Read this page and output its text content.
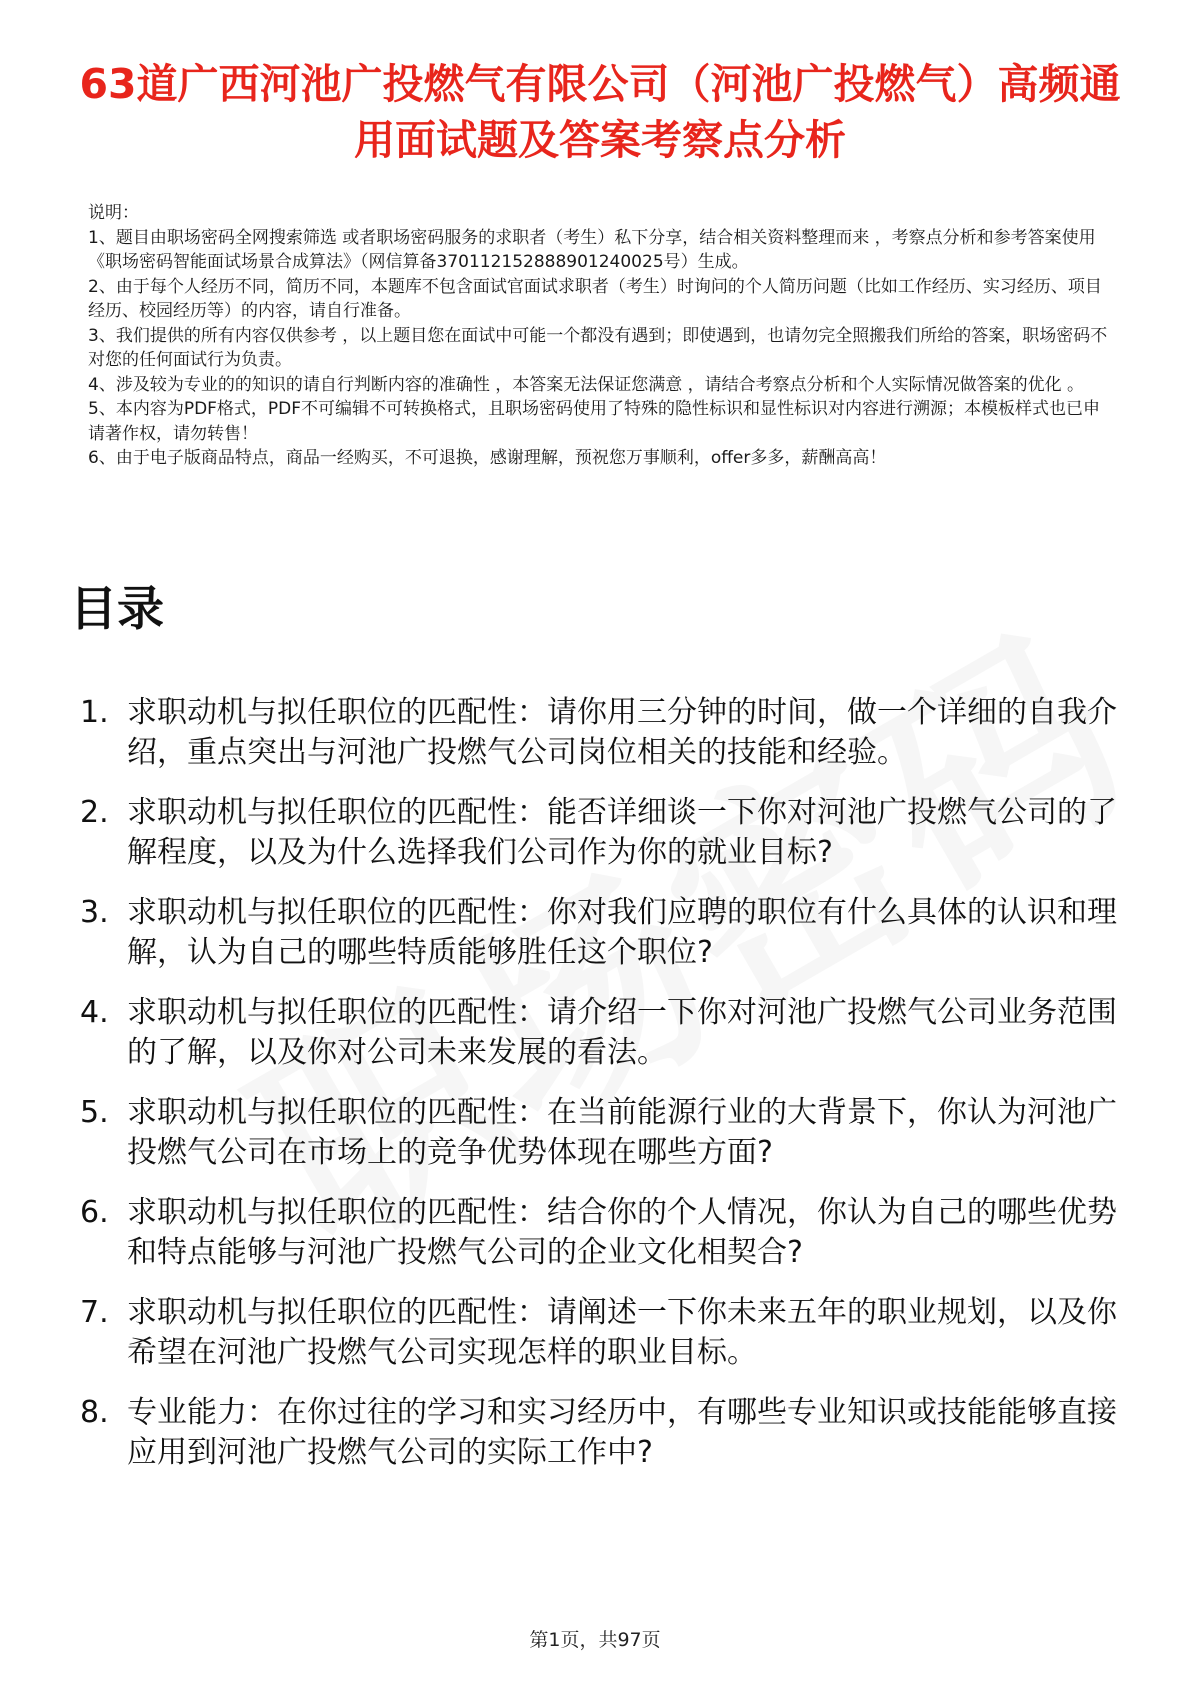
63道广西河池广投燃气有限公司（河池广投燃气）高频通用面试题及答案考察点分析

说明：

1、题目由职场密码全网搜索筛选 或者职场密码服务的求职者（考生）私下分享，结合相关资料整理而来 ，考察点分析和参考答案使用《职场密码智能面试场景合成算法》（网信算备370112152888901240025号）生成。

2、由于每个人经历不同，简历不同，本题库不包含面试官面试求职者（考生）时询问的个人简历问题（比如工作经历、实习经历、项目经历、校园经历等）的内容，请自行准备。

3、我们提供的所有内容仅供参考 ，以上题目您在面试中可能一个都没有遇到；即使遇到，也请勿完全照搬我们所给的答案，职场密码不对您的任何面试行为负责。

4、涉及较为专业的的知识的请自行判断内容的准确性 ，本答案无法保证您满意 ，请结合考察点分析和个人实际情况做答案的优化 。

5、本内容为PDF格式，PDF不可编辑不可转换格式，且职场密码使用了特殊的隐性标识和显性标识对内容进行溯源；本模板样式也已申请著作权，请勿转售！

6、由于电子版商品特点，商品一经购买，不可退换，感谢理解，预祝您万事顺利，offer多多，薪酬高高！

目录
1. 求职动机与拟任职位的匹配性：请你用三分钟的时间，做一个详细的自我介绍，重点突出与河池广投燃气公司岗位相关的技能和经验。
2. 求职动机与拟任职位的匹配性：能否详细谈一下你对河池广投燃气公司的了解程度，以及为什么选择我们公司作为你的就业目标?
3. 求职动机与拟任职位的匹配性：你对我们应聘的职位有什么具体的认识和理解，认为自己的哪些特质能够胜任这个职位?
4. 求职动机与拟任职位的匹配性：请介绍一下你对河池广投燃气公司业务范围的了解，以及你对公司未来发展的看法。
5. 求职动机与拟任职位的匹配性：在当前能源行业的大背景下，你认为河池广投燃气公司在市场上的竞争优势体现在哪些方面?
6. 求职动机与拟任职位的匹配性：结合你的个人情况，你认为自己的哪些优势和特点能够与河池广投燃气公司的企业文化相契合?
7. 求职动机与拟任职位的匹配性：请阐述一下你未来五年的职业规划，以及你希望在河池广投燃气公司实现怎样的职业目标。
8. 专业能力：在你过往的学习和实习经历中，有哪些专业知识或技能能够直接应用到河池广投燃气公司的实际工作中?
第1页，共97页
